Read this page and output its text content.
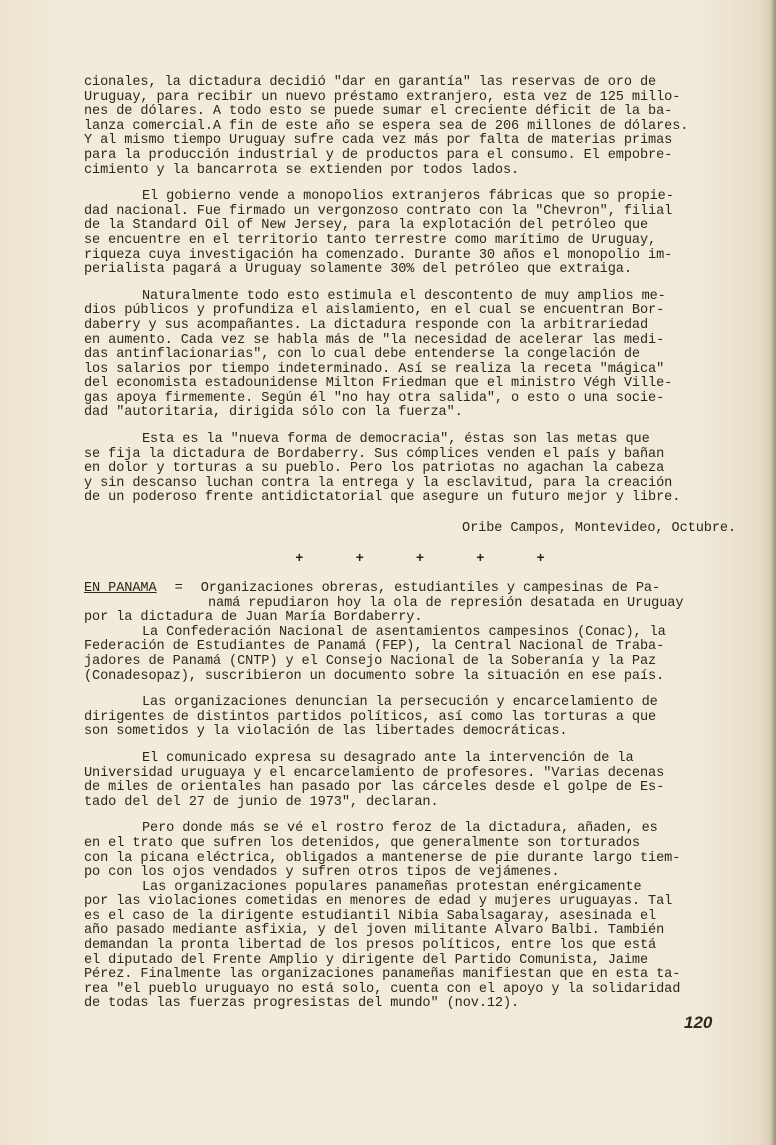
cionales, la dictadura decidió "dar en garantía" las reservas de oro de
Uruguay, para recibir un nuevo préstamo extranjero, esta vez de 125 millo-
nes de dólares. A todo esto se puede sumar el creciente déficit de la ba-
lanza comercial.A fin de este año se espera sea de 206 millones de dólares.
Y al mismo tiempo Uruguay sufre cada vez más por falta de materias primas
para la producción industrial y de productos para el consumo. El empobre-
cimiento y la bancarrota se extienden por todos lados.

El gobierno vende a monopolios extranjeros fábricas que so propie-
dad nacional. Fue firmado un vergonzoso contrato con la "Chevron", filial
de la Standard Oil of New Jersey, para la explotación del petróleo que
se encuentre en el territorio tanto terrestre como marítimo de Uruguay,
riqueza cuya investigación ha comenzado. Durante 30 años el monopolio im-
perialista pagará a Uruguay solamente 30% del petróleo que extraiga.

Naturalmente todo esto estimula el descontento de muy amplios me-
dios públicos y profundiza el aislamiento, en el cual se encuentran Bor-
daberry y sus acompañantes. La dictadura responde con la arbitrariedad
en aumento. Cada vez se habla más de "la necesidad de acelerar las medi-
das antinflacionarias", con lo cual debe entenderse la congelación de
los salarios por tiempo indeterminado. Así se realiza la receta "mágica"
del economista estadounidense Milton Friedman que el ministro Végh Ville-
gas apoya firmemente. Según él "no hay otra salida", o esto o una socie-
dad "autoritaria, dirigida sólo con la fuerza".

Esta es la "nueva forma de democracia", éstas son las metas que
se fija la dictadura de Bordaberry. Sus cómplices venden el país y bañan
en dolor y torturas a su pueblo. Pero los patriotas no agachan la cabeza
y sin descanso luchan contra la entrega y la esclavitud, para la creación
de un poderoso frente antidictatorial que asegure un futuro mejor y libre.

Oribe Campos, Montevideo, Octubre.

+ + + + +

EN PANAMA = Organizaciones obreras, estudiantiles y campesinas de Pa-
namá repudiaron hoy la ola de represión desatada en Uruguay
por la dictadura de Juan María Bordaberry.

La Confederación Nacional de asentamientos campesinos (Conac), la
Federación de Estudiantes de Panamá (FEP), la Central Nacional de Traba-
jadores de Panamá (CNTP) y el Consejo Nacional de la Soberanía y la Paz
(Conadesopaz), suscribieron un documento sobre la situación en ese país.

Las organizaciones denuncian la persecución y encarcelamiento de
dirigentes de distintos partidos políticos, así como las torturas a que
son sometidos y la violación de las libertades democráticas.

El comunicado expresa su desagrado ante la intervención de la
Universidad uruguaya y el encarcelamiento de profesores. "Varias decenas
de miles de orientales han pasado por las cárceles desde el golpe de Es-
tado del del 27 de junio de 1973", declaran.

Pero donde más se vé el rostro feroz de la dictadura, añaden, es
en el trato que sufren los detenidos, que generalmente son torturados
con la picana eléctrica, obligados a mantenerse de pie durante largo tiem-
po con los ojos vendados y sufren otros tipos de vejámenes.

Las organizaciones populares panameñas protestan enérgicamente
por las violaciones cometidas en menores de edad y mujeres uruguayas. Tal
es el caso de la dirigente estudiantil Nibia Sabalsagaray, asesinada el
año pasado mediante asfixia, y del joven militante Alvaro Balbi. También
demandan la pronta libertad de los presos políticos, entre los que está
el diputado del Frente Amplio y dirigente del Partido Comunista, Jaime
Pérez. Finalmente las organizaciones panameñas manifiestan que en esta ta-
rea "el pueblo uruguayo no está solo, cuenta con el apoyo y la solidaridad
de todas las fuerzas progresistas del mundo" (nov.12).

120
